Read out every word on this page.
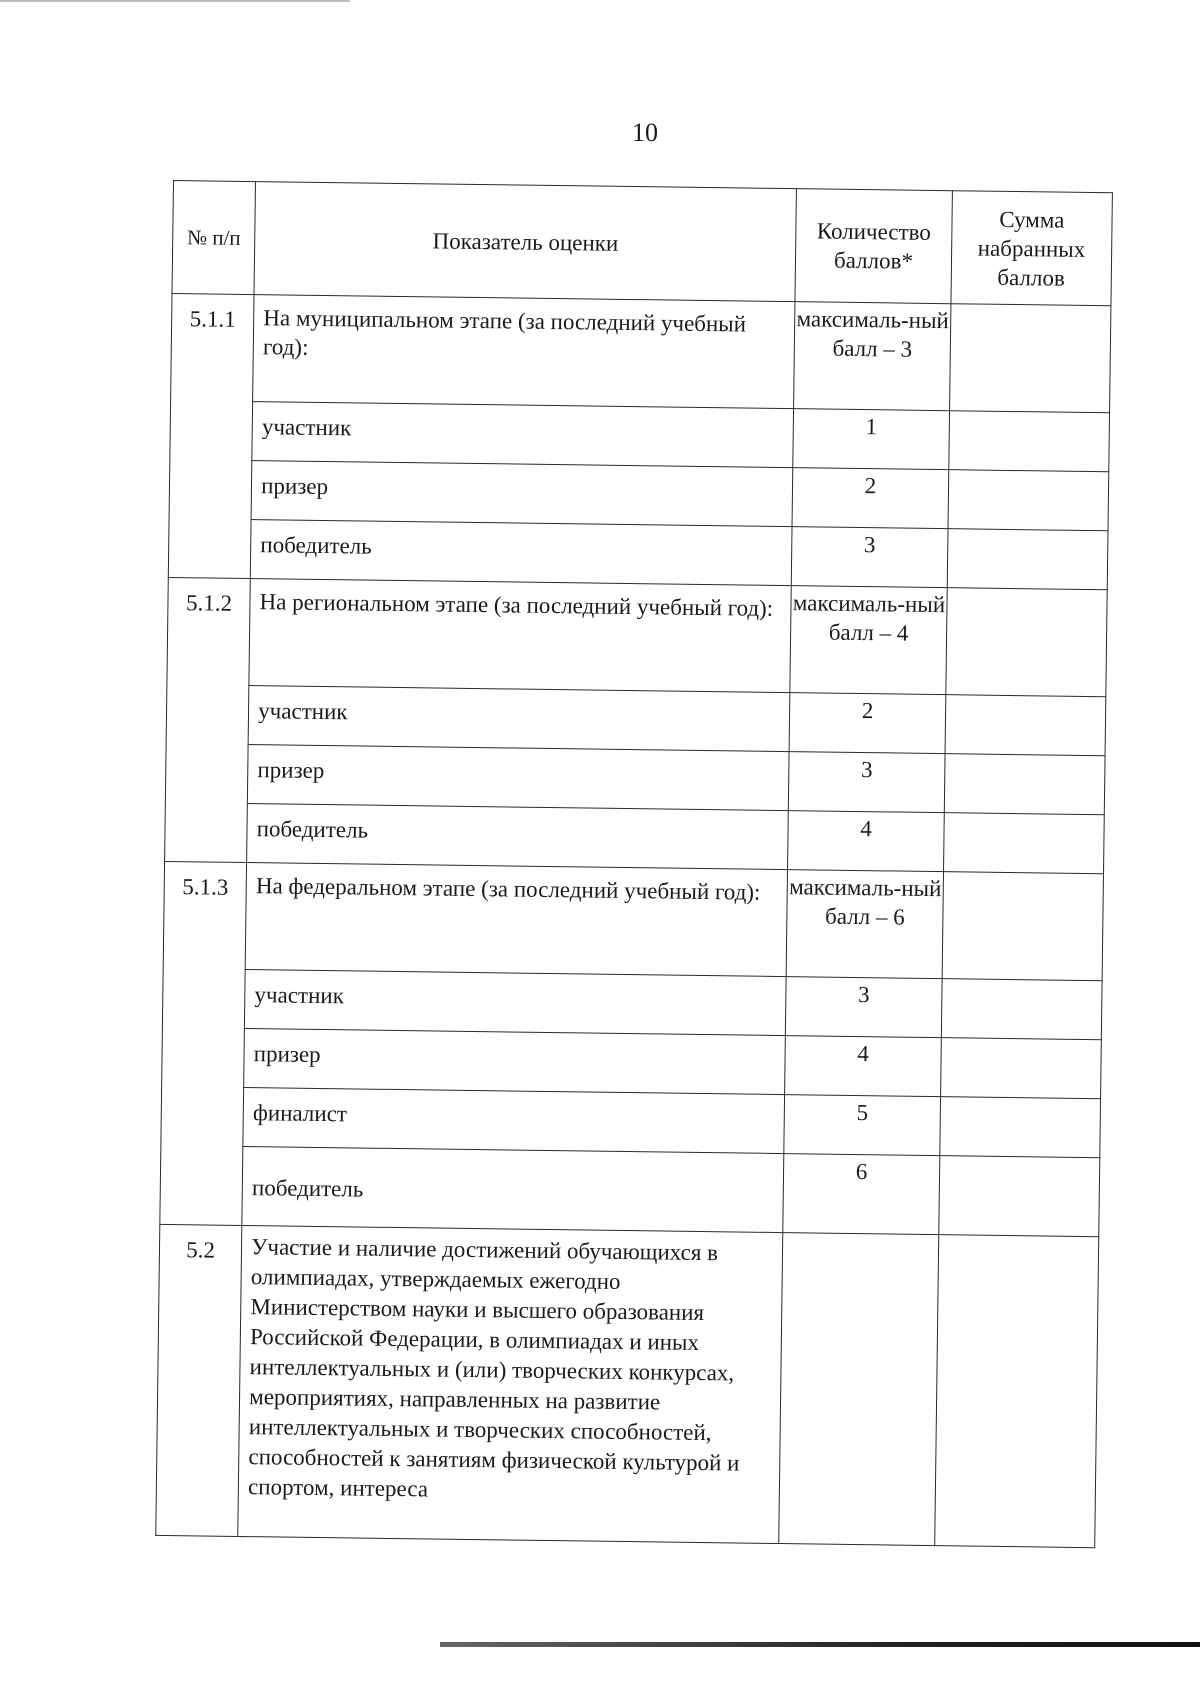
10
№ п/п	Показатель оценки	Количество баллов*	Сумма набранных баллов
5.1.1	На муниципальном этапе (за последний учебный год):	максималь-ный балл – 3	
	участник	1	
	призер	2	
	победитель	3	
5.1.2	На региональном этапе (за последний учебный год):	максималь-ный балл – 4	
	участник	2	
	призер	3	
	победитель	4	
5.1.3	На федеральном этапе (за последний учебный год):	максималь-ный балл – 6	
	участник	3	
	призер	4	
	финалист	5	
	победитель	6	
5.2	Участие и наличие достижений обучающихся в олимпиадах, утверждаемых ежегодно Министерством науки и высшего образования Российской Федерации, в олимпиадах и иных интеллектуальных и (или) творческих конкурсах, мероприятиях, направленных на развитие интеллектуальных и творческих способностей, способностей к занятиям физической культурой и спортом, интереса		
